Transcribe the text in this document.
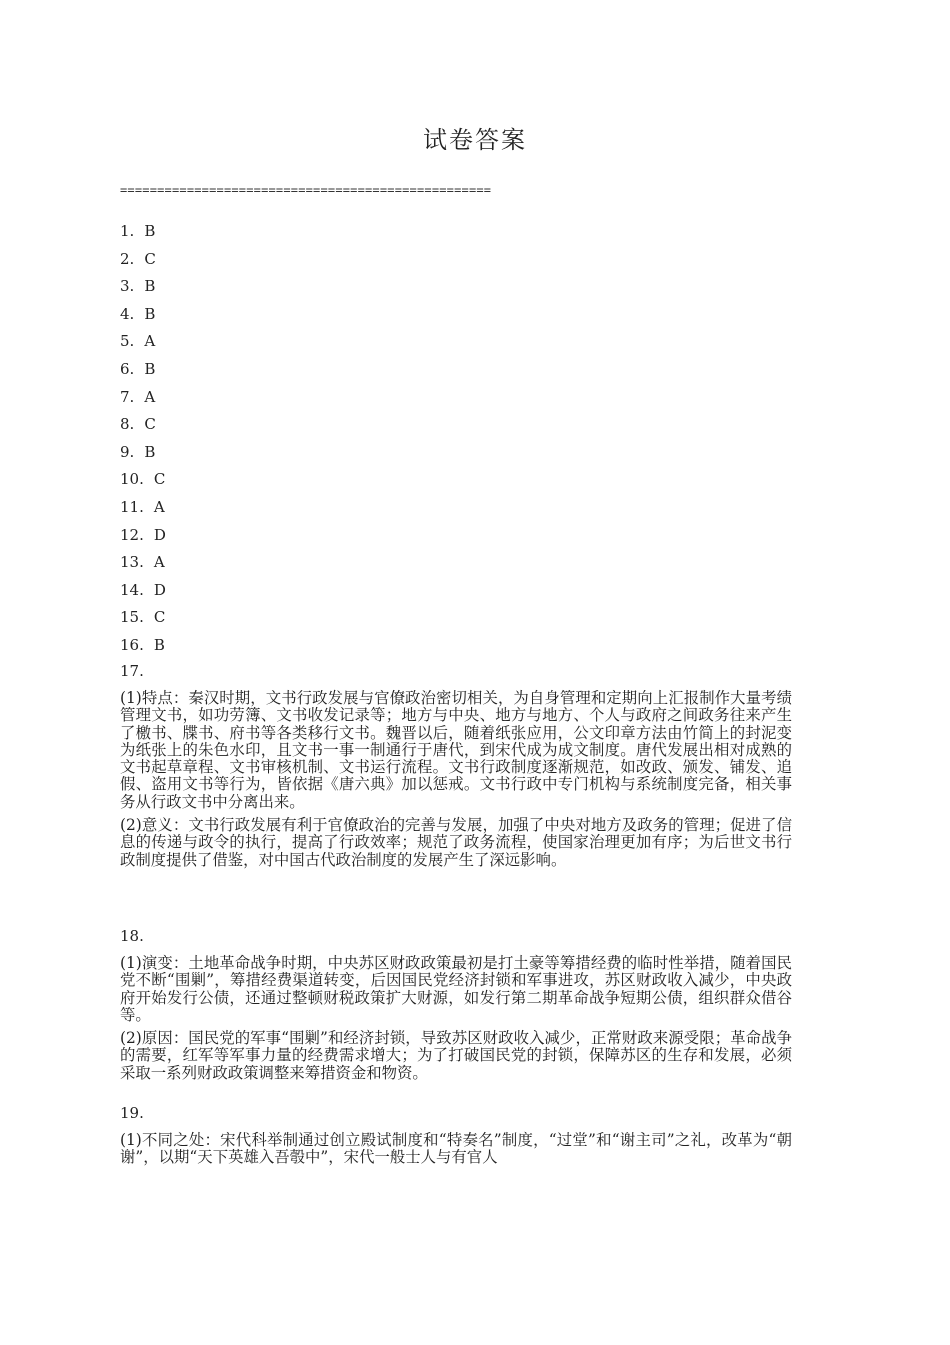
试卷答案
==================================================
1. B
2. C
3. B
4. B
5. A
6. B
7. A
8. C
9. B
10. C
11. A
12. D
13. A
14. D
15. C
16. B
17.

(1)特点：秦汉时期，文书行政发展与官僚政治密切相关，为自身管理和定期向上汇报制作大量考绩管理文书，如功劳簿、文书收发记录等；地方与中央、地方与地方、个人与政府之间政务往来产生了檄书、牒书、府书等各类移行文书。魏晋以后，随着纸张应用，公文印章方法由竹简上的封泥变为纸张上的朱色水印，且文书一事一制通行于唐代，到宋代成为成文制度。唐代发展出相对成熟的文书起草章程、文书审核机制、文书运行流程。文书行政制度逐渐规范，如改政、颁发、铺发、追假、盗用文书等行为，皆依据《唐六典》加以惩戒。文书行政中专门机构与系统制度完备，相关事务从行政文书中分离出来。

(2)意义：文书行政发展有利于官僚政治的完善与发展，加强了中央对地方及政务的管理；促进了信息的传递与政令的执行，提高了行政效率；规范了政务流程，使国家治理更加有序；为后世文书行政制度提供了借鉴，对中国古代政治制度的发展产生了深远影响。

18.

(1)演变：土地革命战争时期，中央苏区财政政策最初是打土豪等筹措经费的临时性举措，随着国民党不断“围剿”，筹措经费渠道转变，后因国民党经济封锁和军事进攻，苏区财政收入减少，中央政府开始发行公债，还通过整顿财税政策扩大财源，如发行第二期革命战争短期公债，组织群众借谷等。

(2)原因：国民党的军事“围剿”和经济封锁，导致苏区财政收入减少，正常财政来源受限；革命战争的需要，红军等军事力量的经费需求增大；为了打破国民党的封锁，保障苏区的生存和发展，必须采取一系列财政政策调整来筹措资金和物资。

19.

(1)不同之处：宋代科举制通过创立殿试制度和“特奏名”制度，“过堂”和“谢主司”之礼，改革为“朝谢”，以期“天下英雄入吾彀中”，宋代一般士人与有官人
